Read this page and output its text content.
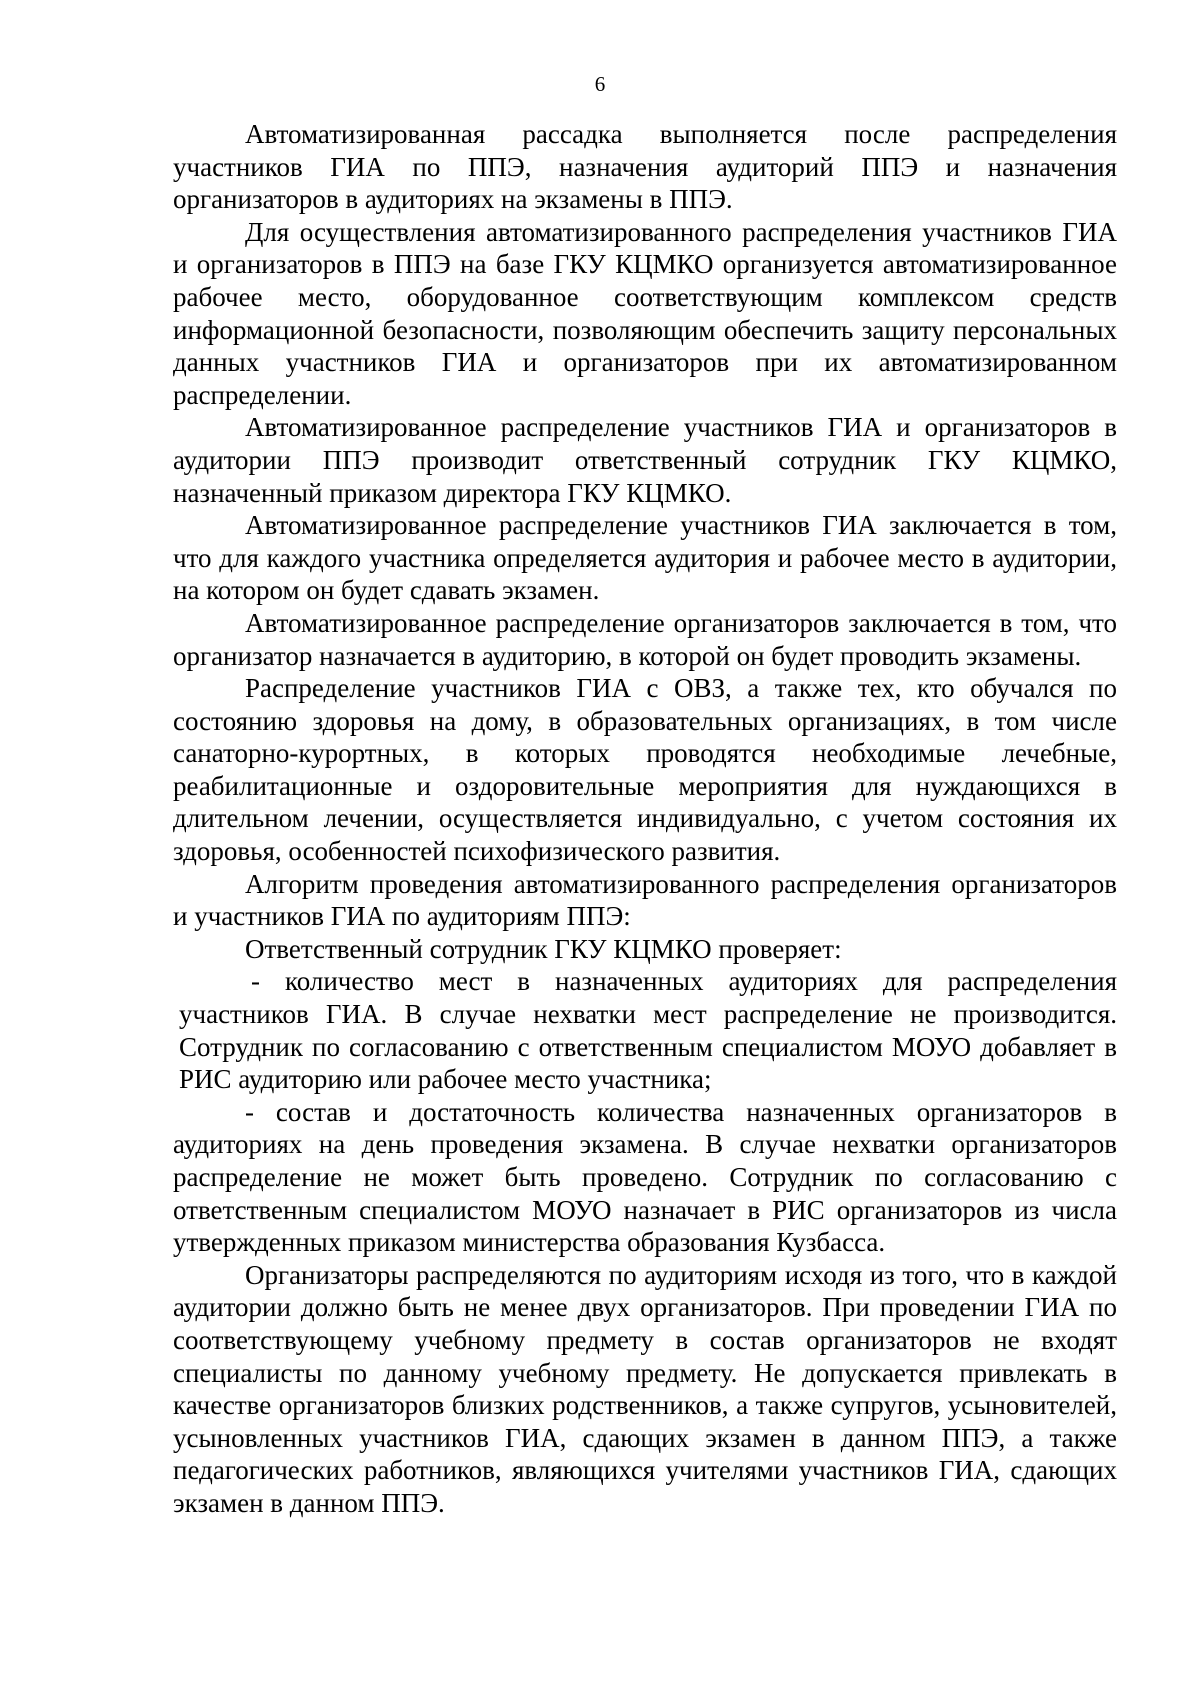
6

Автоматизированная рассадка выполняется после распределения участников ГИА по ППЭ, назначения аудиторий ППЭ и назначения организаторов в аудиториях на экзамены в ППЭ.

Для осуществления автоматизированного распределения участников ГИА и организаторов в ППЭ на базе ГКУ КЦМКО организуется автоматизированное рабочее место, оборудованное соответствующим комплексом средств информационной безопасности, позволяющим обеспечить защиту персональных данных участников ГИА и организаторов при их автоматизированном распределении.

Автоматизированное распределение участников ГИА и организаторов в аудитории ППЭ производит ответственный сотрудник ГКУ КЦМКО, назначенный приказом директора ГКУ КЦМКО.

Автоматизированное распределение участников ГИА заключается в том, что для каждого участника определяется аудитория и рабочее место в аудитории, на котором он будет сдавать экзамен.

Автоматизированное распределение организаторов заключается в том, что организатор назначается в аудиторию, в которой он будет проводить экзамены.

Распределение участников ГИА с ОВЗ, а также тех, кто обучался по состоянию здоровья на дому, в образовательных организациях, в том числе санаторно-курортных, в которых проводятся необходимые лечебные, реабилитационные и оздоровительные мероприятия для нуждающихся в длительном лечении, осуществляется индивидуально, с учетом состояния их здоровья, особенностей психофизического развития.

Алгоритм проведения автоматизированного распределения организаторов и участников ГИА по аудиториям ППЭ:

Ответственный сотрудник ГКУ КЦМКО проверяет:

- количество мест в назначенных аудиториях для распределения участников ГИА. В случае нехватки мест распределение не производится. Сотрудник по согласованию с ответственным специалистом МОУО добавляет в РИС аудиторию или рабочее место участника;

- состав и достаточность количества назначенных организаторов в аудиториях на день проведения экзамена. В случае нехватки организаторов распределение не может быть проведено. Сотрудник по согласованию с ответственным специалистом МОУО назначает в РИС организаторов из числа утвержденных приказом министерства образования Кузбасса.

Организаторы распределяются по аудиториям исходя из того, что в каждой аудитории должно быть не менее двух организаторов. При проведении ГИА по соответствующему учебному предмету в состав организаторов не входят специалисты по данному учебному предмету. Не допускается привлекать в качестве организаторов близких родственников, а также супругов, усыновителей, усыновленных участников ГИА, сдающих экзамен в данном ППЭ, а также педагогических работников, являющихся учителями участников ГИА, сдающих экзамен в данном ППЭ.
